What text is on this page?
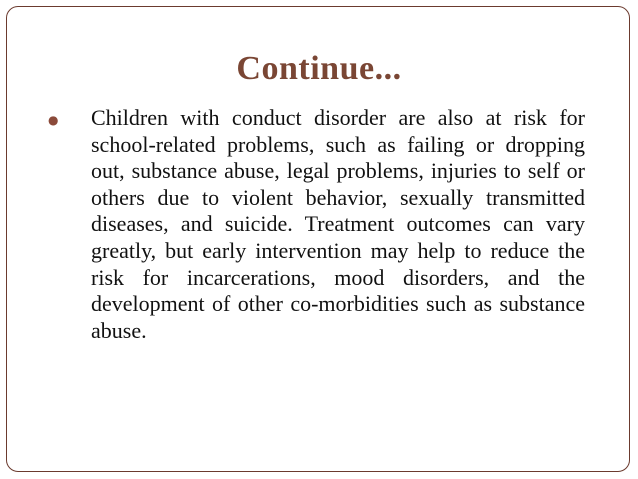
Continue...
●	Children with conduct disorder are also at risk for school-related problems, such as failing or dropping out, substance abuse, legal problems, injuries to self or others due to violent behavior, sexually transmitted diseases, and suicide. Treatment outcomes can vary greatly, but early intervention may help to reduce the risk for incarcerations, mood disorders, and the development of other co-morbidities such as substance abuse.
